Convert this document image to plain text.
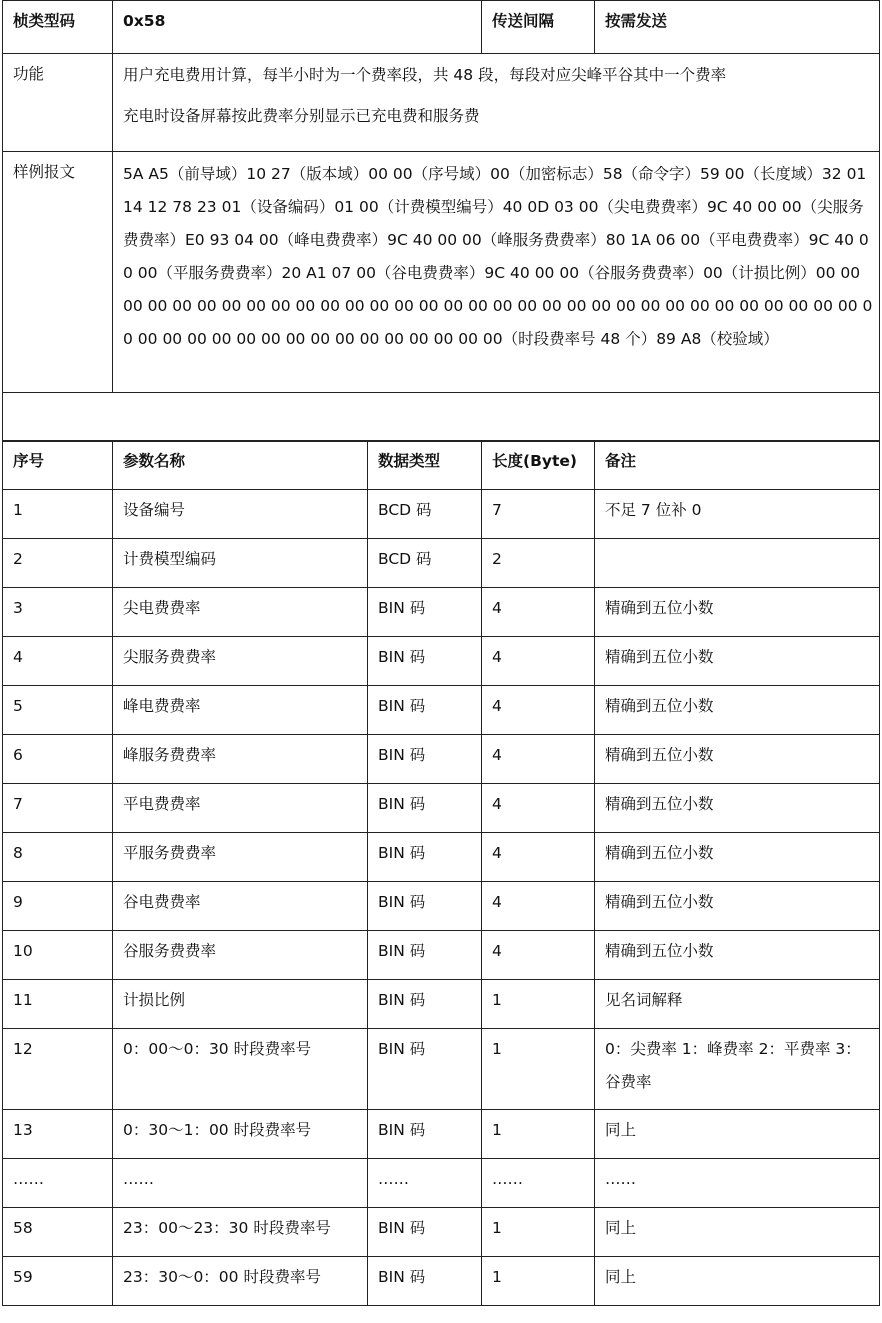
桢类型码	0x58	传送间隔	按需发送
功能	用户充电费用计算，每半小时为一个费率段，共 48 段，每段对应尖峰平谷其中一个费率

充电时设备屏幕按此费率分别显示已充电费和服务费		

样例报文	5A A5（前导域）10 27（版本域）00 00（序号域）00（加密标志）58（命令字）59 00（长度域）32 01 14 12 78 23 01（设备编码）01 00（计费模型编号）40 0D 03 00（尖电费费率）9C 40 00 00（尖服务费费率）E0 93 04 00（峰电费费率）9C 40 00 00（峰服务费费率）80 1A 06 00（平电费费率）9C 40 00 00（平服务费费率）20 A1 07 00（谷电费费率）9C 40 00 00（谷服务费费率）00（计损比例）00 00 00 00 00 00 00 00 00 00 00 00 00 00 00 00 00 00 00 00 00 00 00 00 00 00 00 00 00 00 00 00 00 00 00 00 00 00 00 00 00 00 00 00 00 00 00 00（时段费率号 48 个）89 A8（校验域）		

序号	参数名称	数据类型	长度(Byte)	备注
1	设备编号	BCD 码	7	不足 7 位补 0
2	计费模型编码	BCD 码	2	
3	尖电费费率	BIN 码	4	精确到五位小数
4	尖服务费费率	BIN 码	4	精确到五位小数
5	峰电费费率	BIN 码	4	精确到五位小数
6	峰服务费费率	BIN 码	4	精确到五位小数
7	平电费费率	BIN 码	4	精确到五位小数
8	平服务费费率	BIN 码	4	精确到五位小数
9	谷电费费率	BIN 码	4	精确到五位小数
10	谷服务费费率	BIN 码	4	精确到五位小数
11	计损比例	BIN 码	1	见名词解释
12	0：00～0：30 时段费率号	BIN 码	1	0：尖费率 1：峰费率 2：平费率 3：谷费率
13	0：30～1：00 时段费率号	BIN 码	1	同上
……	……	……	……	……
58	23：00～23：30 时段费率号	BIN 码	1	同上
59	23：30～0：00 时段费率号	BIN 码	1	同上
